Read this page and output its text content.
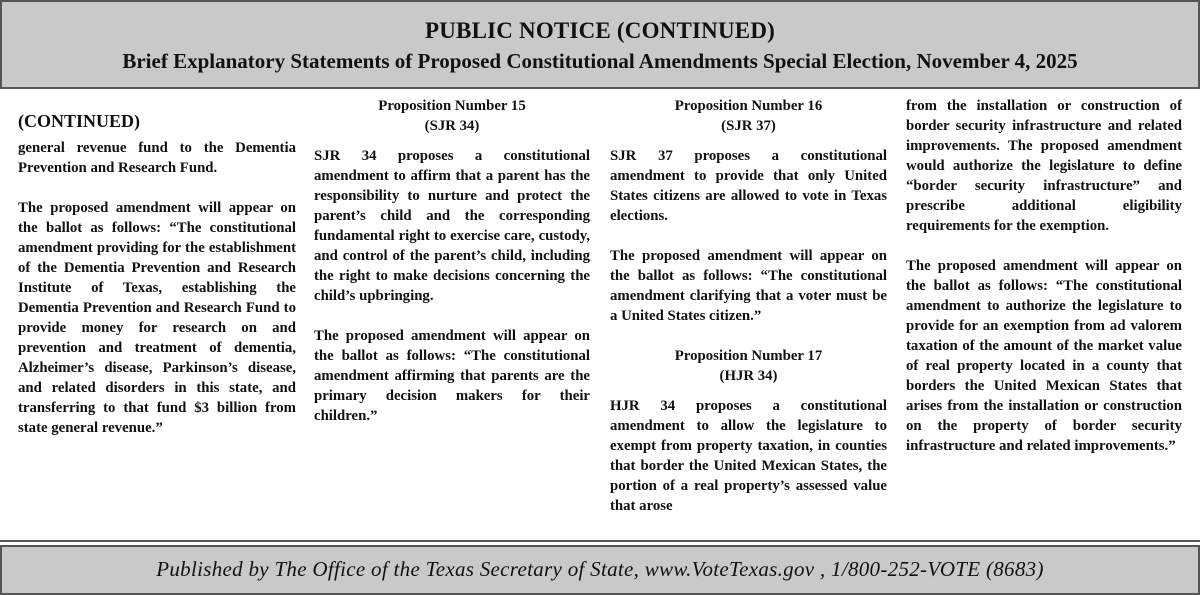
PUBLIC NOTICE (CONTINUED)
Brief Explanatory Statements of Proposed Constitutional Amendments Special Election, November 4, 2025
(CONTINUED)

general revenue fund to the Dementia Prevention and Research Fund.

The proposed amendment will appear on the ballot as follows: “The constitutional amendment providing for the establishment of the Dementia Prevention and Research Institute of Texas, establishing the Dementia Prevention and Research Fund to provide money for research on and prevention and treatment of dementia, Alzheimer’s disease, Parkinson’s disease, and related disorders in this state, and transferring to that fund $3 billion from state general revenue.”

Proposition Number 15
(SJR 34)

SJR 34 proposes a constitutional amendment to affirm that a parent has the responsibility to nurture and protect the parent’s child and the corresponding fundamental right to exercise care, custody, and control of the parent’s child, including the right to make decisions concerning the child’s upbringing.

The proposed amendment will appear on the ballot as follows: “The constitutional amendment affirming that parents are the primary decision makers for their children.”

Proposition Number 16
(SJR 37)

SJR 37 proposes a constitutional amendment to provide that only United States citizens are allowed to vote in Texas elections.

The proposed amendment will appear on the ballot as follows: “The constitutional amendment clarifying that a voter must be a United States citizen.”

Proposition Number 17
(HJR 34)

HJR 34 proposes a constitutional amendment to allow the legislature to exempt from property taxation, in counties that border the United Mexican States, the portion of a real property’s assessed value that arose

from the installation or construction of border security infrastructure and related improvements. The proposed amendment would authorize the legislature to define “border security infrastructure” and prescribe additional eligibility requirements for the exemption.

The proposed amendment will appear on the ballot as follows: “The constitutional amendment to authorize the legislature to provide for an exemption from ad valorem taxation of the amount of the market value of real property located in a county that borders the United Mexican States that arises from the installation or construction on the property of border security infrastructure and related improvements.”

Published by The Office of the Texas Secretary of State, www.VoteTexas.gov , 1/800-252-VOTE (8683)
